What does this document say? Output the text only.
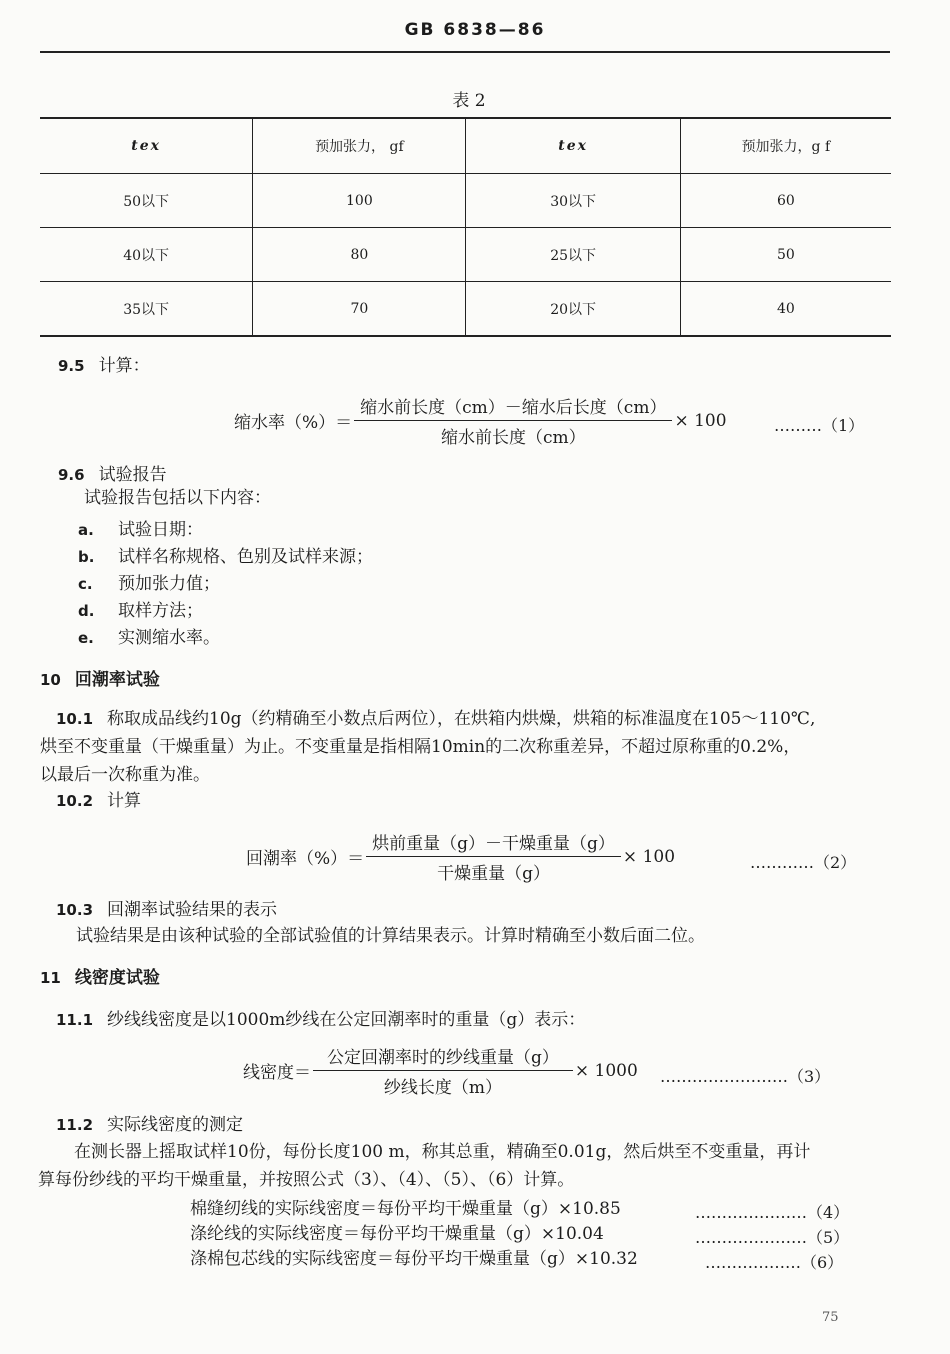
GB 6838—86
表 2
tex	预加张力， gf	tex	预加张力，g f
50以下	100	30以下	60
40以下	80	25以下	50
35以下	70	20以下	40
9.5 计算：
缩水率（%）＝ $\frac{\text{缩水前长度（cm）－缩水后长度（cm）}}{\text{缩水前长度（cm）}} \times 100$	………（1）
9.6 试验报告
试验报告包括以下内容：
a. 试验日期：
b. 试样名称规格、色别及试样来源；
c. 预加张力值；
d. 取样方法；
e. 实测缩水率。
10 回潮率试验
10.1 称取成品线约10g（约精确至小数点后两位），在烘箱内烘燥，烘箱的标准温度在105～110℃,
烘至不变重量（干燥重量）为止。不变重量是指相隔10min的二次称重差异，不超过原称重的0.2%，
以最后一次称重为准。
10.2 计算
回潮率（%）＝ $\frac{\text{烘前重量（g）－干燥重量（g）}}{\text{干燥重量（g）}} \times 100$	…………（2）
10.3 回潮率试验结果的表示
试验结果是由该种试验的全部试验值的计算结果表示。计算时精确至小数后面二位。
11 线密度试验
11.1 纱线线密度是以1000m纱线在公定回潮率时的重量（g）表示：
线密度＝ $\frac{\text{公定回潮率时的纱线重量（g）}}{\text{纱线长度（m）}} \times 1000$ ……………………（3）
11.2 实际线密度的测定
在测长器上摇取试样10份，每份长度100 m，称其总重，精确至0.01g，然后烘至不变重量，再计
算每份纱线的平均干燥重量，并按照公式（3）、（4）、（5）、（6）计算。
棉缝纫线的实际线密度＝每份平均干燥重量（g）×10.85	…………………（4）
涤纶线的实际线密度＝每份平均干燥重量（g）×10.04	…………………（5）
涤棉包芯线的实际线密度＝每份平均干燥重量（g）×10.32	………………（6）
75
